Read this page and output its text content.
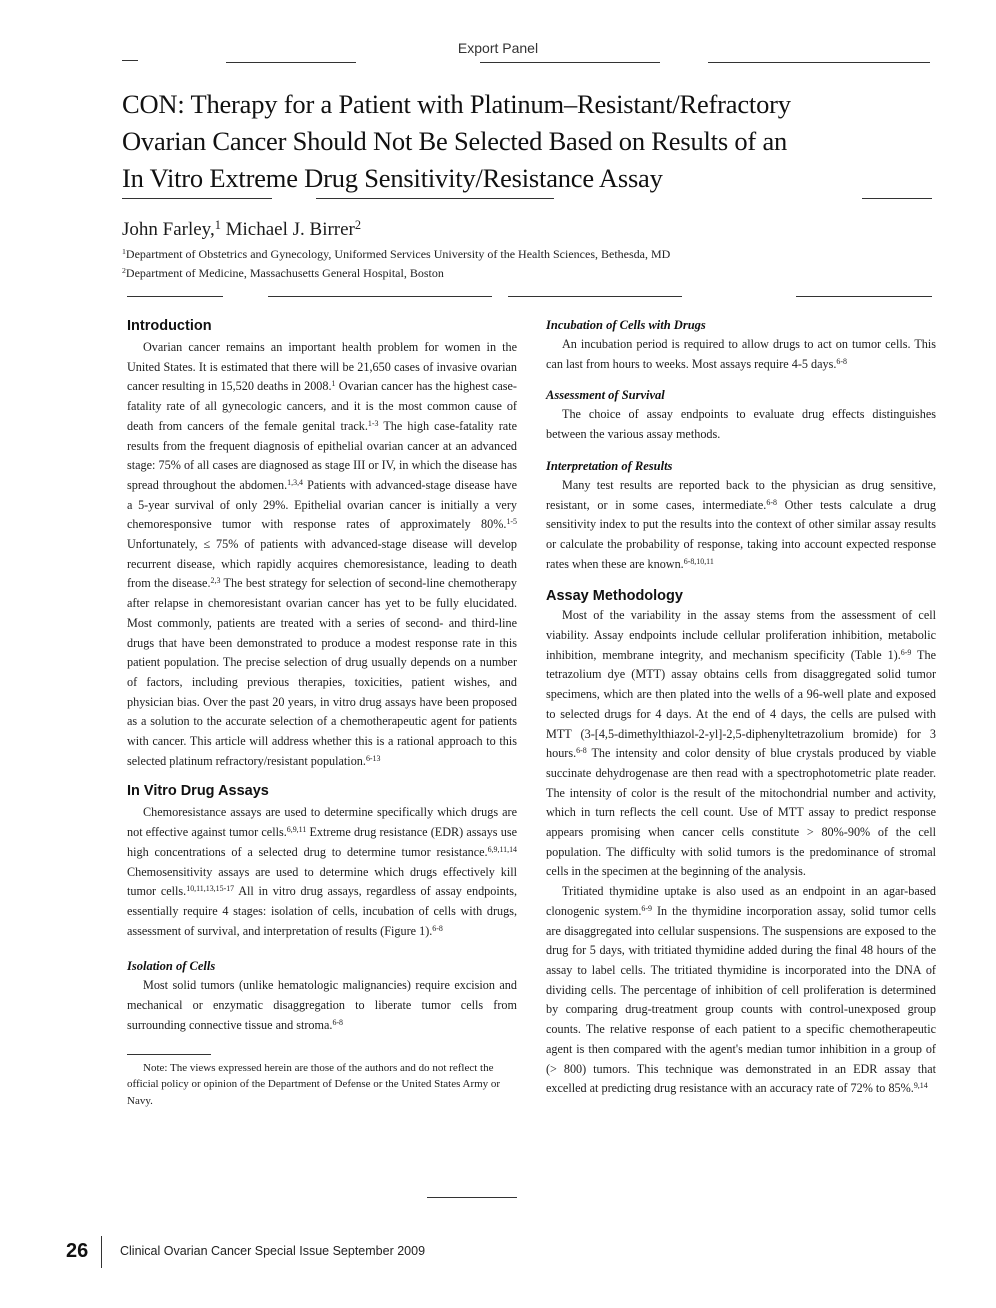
Export Panel
CON: Therapy for a Patient with Platinum–Resistant/Refractory
Ovarian Cancer Should Not Be Selected Based on Results of an
In Vitro Extreme Drug Sensitivity/Resistance Assay
John Farley,$^1$ Michael J. Birrer$^2$
$^1$Department of Obstetrics and Gynecology, Uniformed Services University of the Health Sciences, Bethesda, MD
$^2$Department of Medicine, Massachusetts General Hospital, Boston
Introduction

Ovarian cancer remains an important health problem for women in the United States. It is estimated that there will be 21,650 cases of invasive ovarian cancer resulting in 15,520 deaths in 2008.$^1$ Ovarian cancer has the highest case-fatality rate of all gynecologic cancers, and it is the most common cause of death from cancers of the female genital track.$^{1-3}$ The high case-fatality rate results from the frequent diagnosis of epithelial ovarian cancer at an advanced stage: 75% of all cases are diagnosed as stage III or IV, in which the disease has spread throughout the abdomen.$^{1,3,4}$ Patients with advanced-stage disease have a 5-year survival of only 29%. Epithelial ovarian cancer is initially a very chemoresponsive tumor with response rates of approximately 80%.$^{1-5}$ Unfortunately, ≤ 75% of patients with advanced-stage disease will develop recurrent disease, which rapidly acquires chemoresistance, leading to death from the disease.$^{2,3}$ The best strategy for selection of second-line chemotherapy after relapse in chemoresistant ovarian cancer has yet to be fully elucidated. Most commonly, patients are treated with a series of second- and third-line drugs that have been demonstrated to produce a modest response rate in this patient population. The precise selection of drug usually depends on a number of factors, including previous therapies, toxicities, patient wishes, and physician bias. Over the past 20 years, in vitro drug assays have been proposed as a solution to the accurate selection of a chemotherapeutic agent for patients with cancer. This article will address whether this is a rational approach to this selected platinum refractory/resistant population.$^{6-13}$

In Vitro Drug Assays

Chemoresistance assays are used to determine specifically which drugs are not effective against tumor cells.$^{6,9,11}$ Extreme drug resistance (EDR) assays use high concentrations of a selected drug to determine tumor resistance.$^{6,9,11,14}$ Chemosensitivity assays are used to determine which drugs effectively kill tumor cells.$^{10,11,13,15-17}$ All in vitro drug assays, regardless of assay endpoints, essentially require 4 stages: isolation of cells, incubation of cells with drugs, assessment of survival, and interpretation of results (Figure 1).$^{6-8}$

Isolation of Cells

Most solid tumors (unlike hematologic malignancies) require excision and mechanical or enzymatic disaggregation to liberate tumor cells from surrounding connective tissue and stroma.$^{6-8}$

Note: The views expressed herein are those of the authors and do not reflect the official policy or opinion of the Department of Defense or the United States Army or Navy.

Incubation of Cells with Drugs

An incubation period is required to allow drugs to act on tumor cells. This can last from hours to weeks. Most assays require 4-5 days.$^{6-8}$

Assessment of Survival

The choice of assay endpoints to evaluate drug effects distinguishes between the various assay methods.

Interpretation of Results

Many test results are reported back to the physician as drug sensitive, resistant, or in some cases, intermediate.$^{6-8}$ Other tests calculate a drug sensitivity index to put the results into the context of other similar assay results or calculate the probability of response, taking into account expected response rates when these are known.$^{6-8,10,11}$

Assay Methodology

Most of the variability in the assay stems from the assessment of cell viability. Assay endpoints include cellular proliferation inhibition, metabolic inhibition, membrane integrity, and mechanism specificity (Table 1).$^{6-9}$ The tetrazolium dye (MTT) assay obtains cells from disaggregated solid tumor specimens, which are then plated into the wells of a 96-well plate and exposed to selected drugs for 4 days. At the end of 4 days, the cells are pulsed with MTT (3-[4,5-dimethylthiazol-2-yl]-2,5-diphenyltetrazolium bromide) for 3 hours.$^{6-8}$ The intensity and color density of blue crystals produced by viable succinate dehydrogenase are then read with a spectrophotometric plate reader. The intensity of color is the result of the mitochondrial number and activity, which in turn reflects the cell count. Use of MTT assay to predict response appears promising when cancer cells constitute > 80%-90% of the cell population. The difficulty with solid tumors is the predominance of stromal cells in the specimen at the beginning of the analysis.

Tritiated thymidine uptake is also used as an endpoint in an agar-based clonogenic system.$^{6-9}$ In the thymidine incorporation assay, solid tumor cells are disaggregated into cellular suspensions. The suspensions are exposed to the drug for 5 days, with tritiated thymidine added during the final 48 hours of the assay to label cells. The tritiated thymidine is incorporated into the DNA of dividing cells. The percentage of inhibition of cell proliferation is determined by comparing drug-treatment group counts with control-unexposed group counts. The relative response of each patient to a specific chemotherapeutic agent is then compared with the agent's median tumor inhibition in a group of (> 800) tumors. This technique was demonstrated in an EDR assay that excelled at predicting drug resistance with an accuracy rate of 72% to 85%.$^{9,14}$

26	Clinical Ovarian Cancer Special Issue September 2009
